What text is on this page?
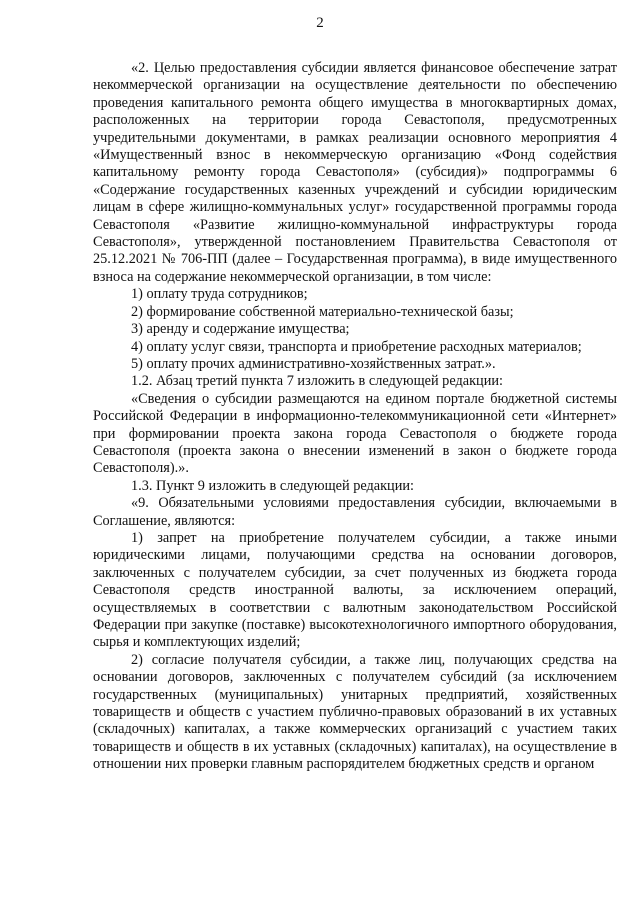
2

«2. Целью предоставления субсидии является финансовое обеспечение затрат некоммерческой организации на осуществление деятельности по обеспечению проведения капитального ремонта общего имущества в многоквартирных домах, расположенных на территории города Севастополя, предусмотренных учредительными документами, в рамках реализации основного мероприятия 4 «Имущественный взнос в некоммерческую организацию «Фонд содействия капитальному ремонту города Севастополя» (субсидия)» подпрограммы 6 «Содержание государственных казенных учреждений и субсидии юридическим лицам в сфере жилищно-коммунальных услуг» государственной программы города Севастополя «Развитие жилищно-коммунальной инфраструктуры города Севастополя», утвержденной постановлением Правительства Севастополя от 25.12.2021 № 706-ПП (далее – Государственная программа), в виде имущественного взноса на содержание некоммерческой организации, в том числе:

1) оплату труда сотрудников;

2) формирование собственной материально-технической базы;

3) аренду и содержание имущества;

4) оплату услуг связи, транспорта и приобретение расходных материалов;

5) оплату прочих административно-хозяйственных затрат.».

1.2. Абзац третий пункта 7 изложить в следующей редакции:

«Сведения о субсидии размещаются на едином портале бюджетной системы Российской Федерации в информационно-телекоммуникационной сети «Интернет» при формировании проекта закона города Севастополя о бюджете города Севастополя (проекта закона о внесении изменений в закон о бюджете города Севастополя).».

1.3. Пункт 9 изложить в следующей редакции:

«9. Обязательными условиями предоставления субсидии, включаемыми в Соглашение, являются:

1) запрет на приобретение получателем субсидии, а также иными юридическими лицами, получающими средства на основании договоров, заключенных с получателем субсидии, за счет полученных из бюджета города Севастополя средств иностранной валюты, за исключением операций, осуществляемых в соответствии с валютным законодательством Российской Федерации при закупке (поставке) высокотехнологичного импортного оборудования, сырья и комплектующих изделий;

2) согласие получателя субсидии, а также лиц, получающих средства на основании договоров, заключенных с получателем субсидий (за исключением государственных (муниципальных) унитарных предприятий, хозяйственных товариществ и обществ с участием публично-правовых образований в их уставных (складочных) капиталах, а также коммерческих организаций с участием таких товариществ и обществ в их уставных (складочных) капиталах), на осуществление в отношении них проверки главным распорядителем бюджетных средств и органом
